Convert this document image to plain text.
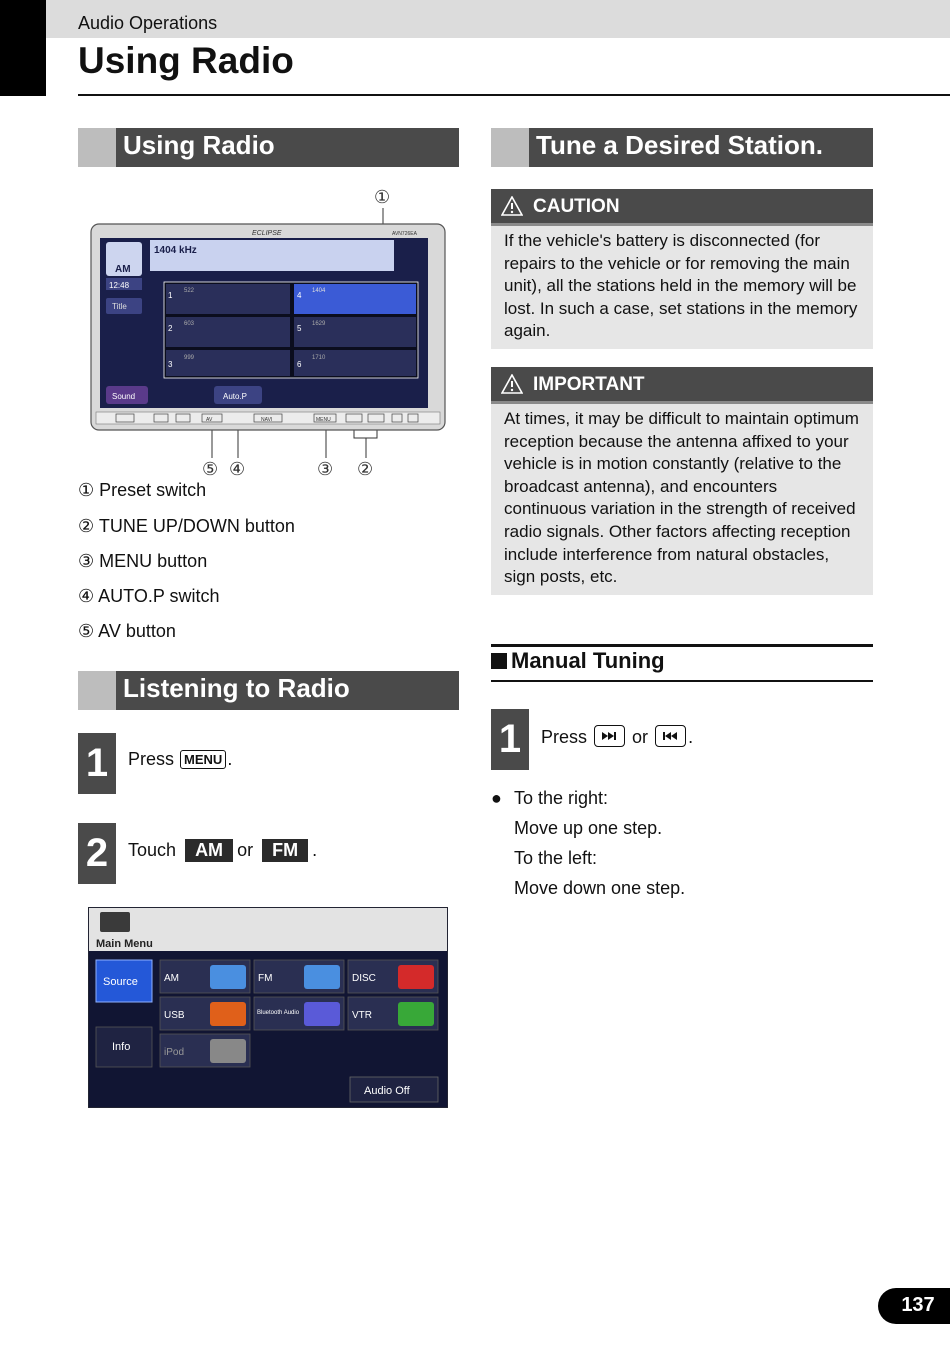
Audio Operations
Using Radio
Using Radio
①
⑤ ④	③ ②
ECLIPSE	AVN726EA
1404 kHz
AM
12:48
Title
1 522	4 1404
2 603	5 1629
3
999
6
1710
Sound	Auto.P
AV	NAVI	MENU
① Preset switch
② TUNE UP/DOWN button
③ MENU button
④ AUTO.P switch
⑤ AV button
Listening to Radio
1	Press MENU .
2	Touch AM or FM .
Main Menu
Source
Info
AM	FM	DISC
USB	Bluetooth Audio	VTR
iPod
Audio Off
Tune a Desired Station.
CAUTION
If the vehicle's battery is disconnected (for repairs to the vehicle or for removing the main unit), all the stations held in the memory will be lost. In such a case, set stations in the memory again.
IMPORTANT
At times, it may be difficult to maintain optimum reception because the antenna affixed to your vehicle is in motion constantly (relative to the broadcast antenna), and encounters continuous variation in the strength of received radio signals. Other factors affecting reception include interference from natural obstacles, sign posts, etc.
Manual Tuning
1	Press	or .
● To the right:
Move up one step.
To the left:
Move down one step.
137
